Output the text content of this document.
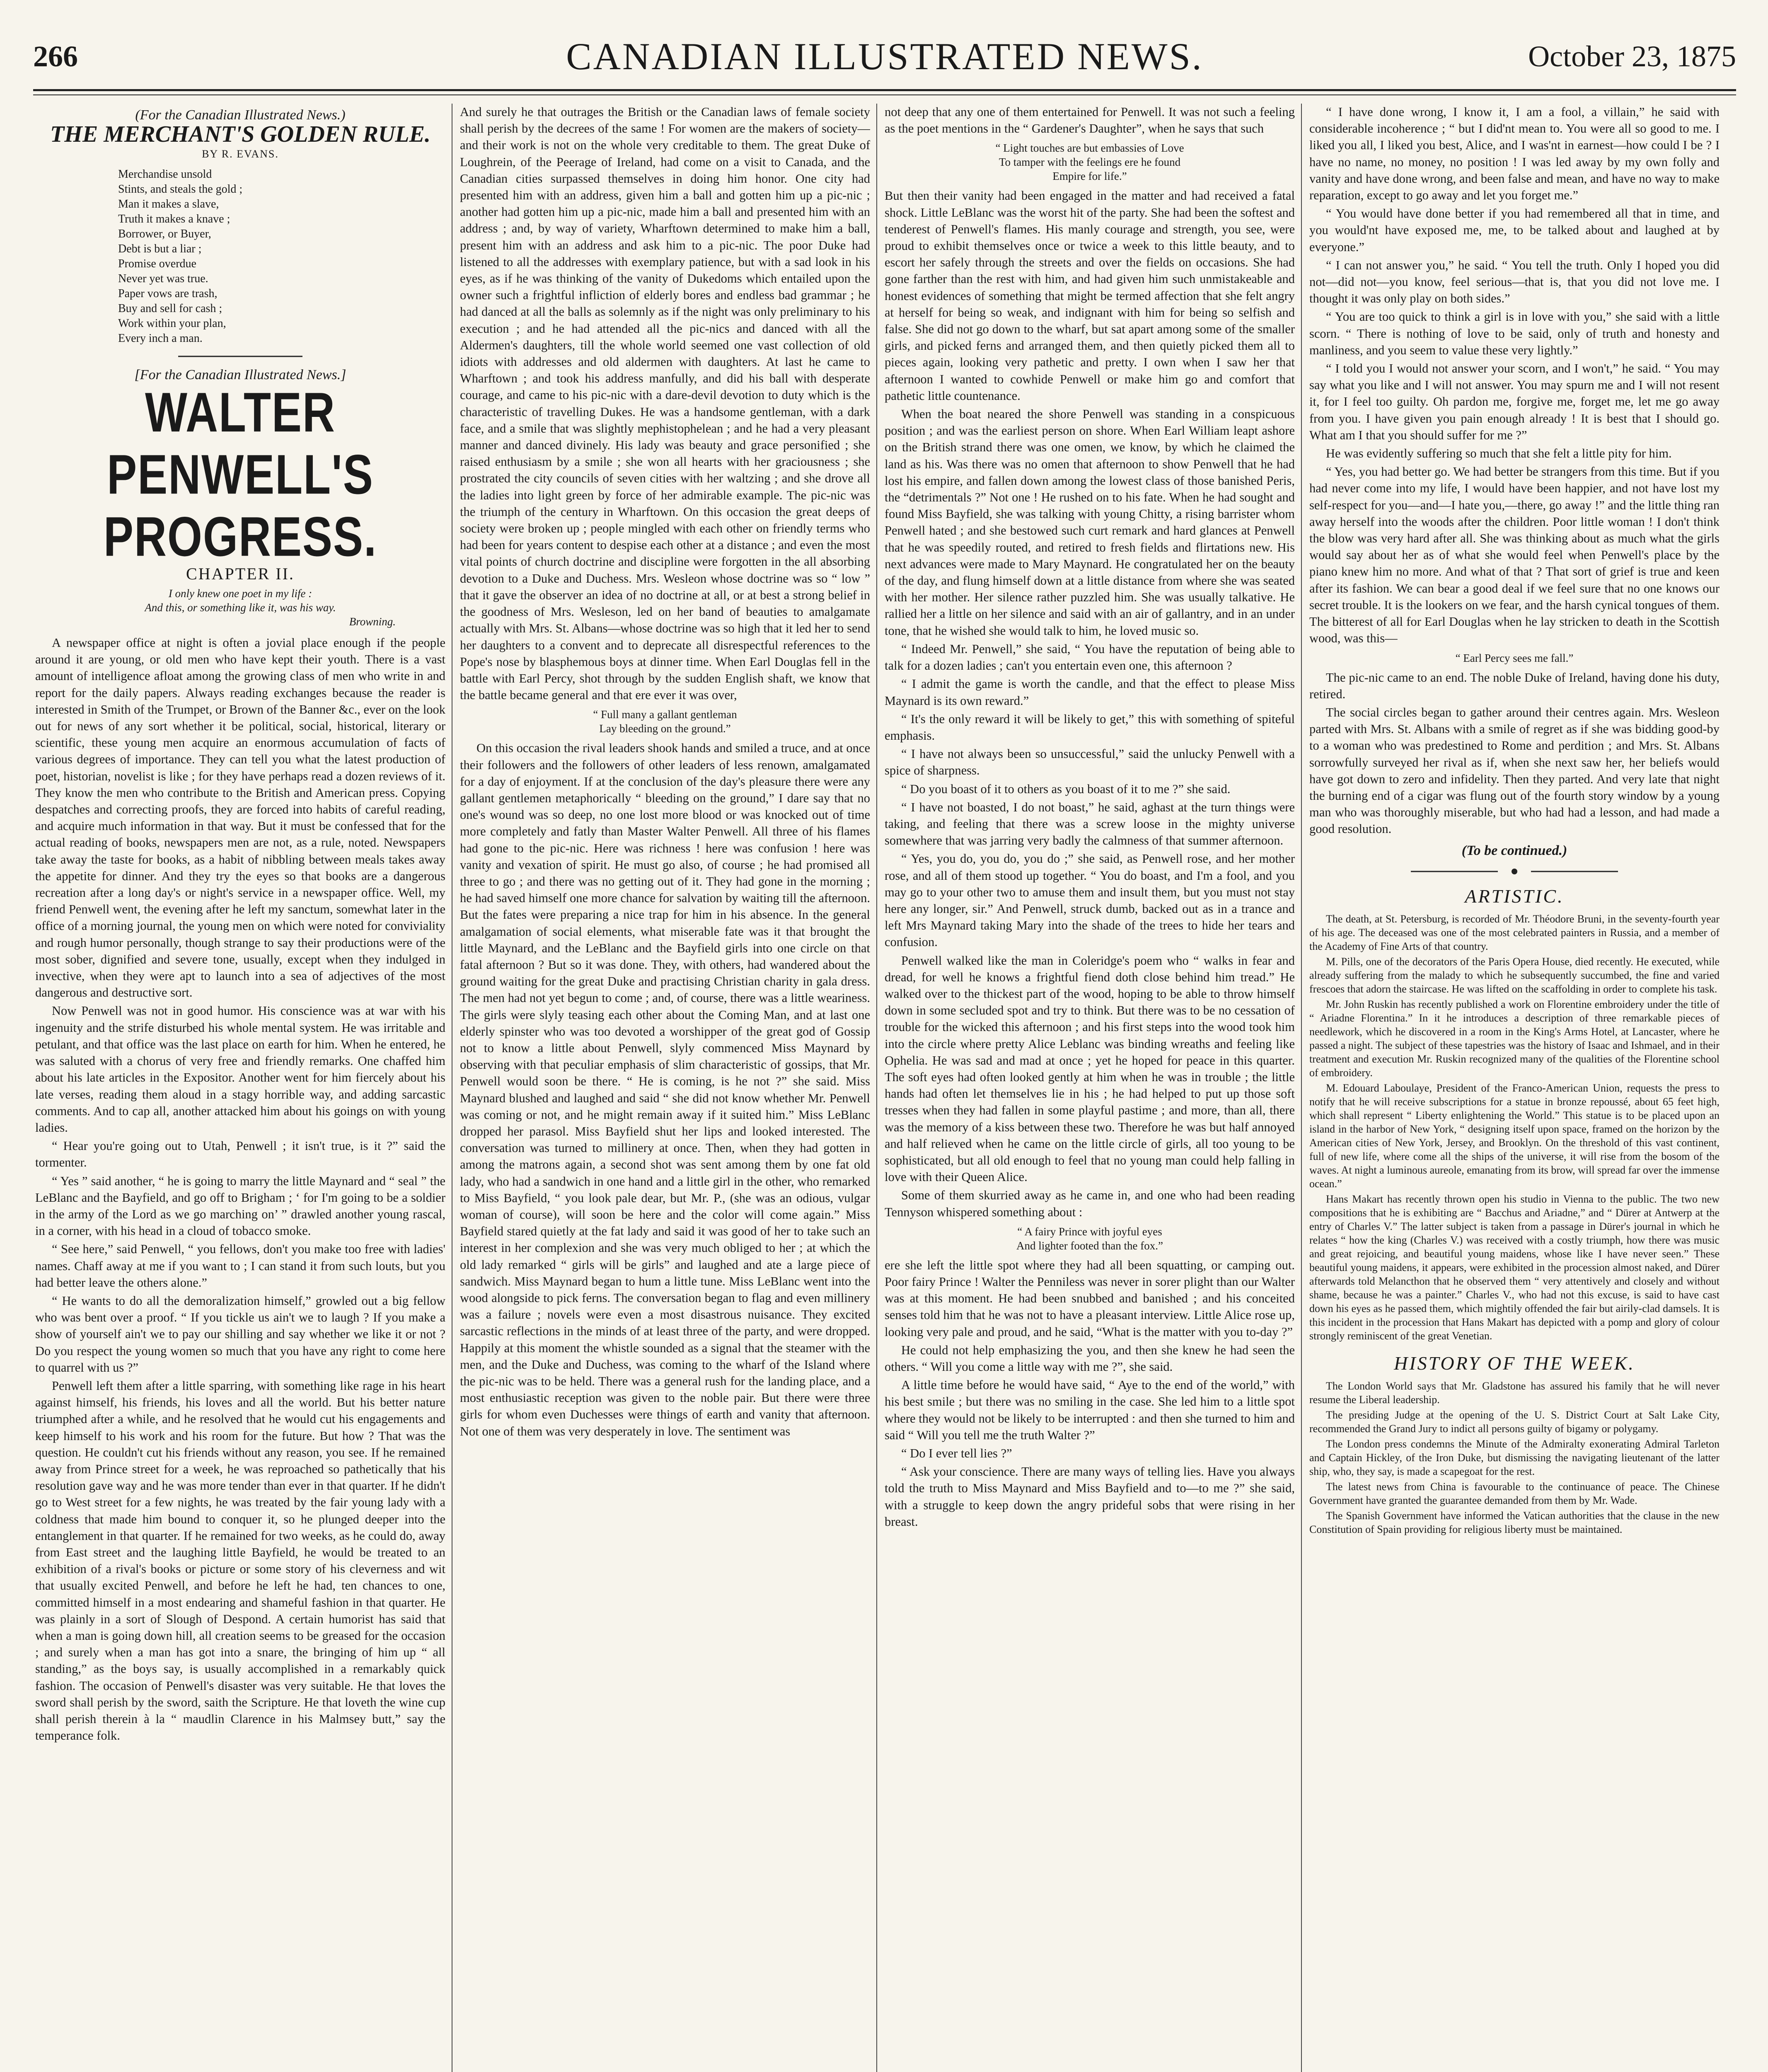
266	CANADIAN ILLUSTRATED NEWS.	October 23, 1875
(For the Canadian Illustrated News.)
THE MERCHANT'S GOLDEN RULE.
BY R. EVANS.
Merchandise unsold
Stints, and steals the gold ;
Man it makes a slave,
Truth it makes a knave ;
Borrower, or Buyer,
Debt is but a liar ;
Promise overdue
Never yet was true.
Paper vows are trash,
Buy and sell for cash ;
Work within your plan,
Every inch a man.
[For the Canadian Illustrated News.]
WALTER PENWELL'S PROGRESS.
CHAPTER II.
I only knew one poet in my life :
And this, or something like it, was his way.
Browning.

A newspaper office at night is often a jovial place enough if the people around it are young, or old men who have kept their youth. There is a vast amount of intelligence afloat among the growing class of men who write in and report for the daily papers. Always reading exchanges because the reader is interested in Smith of the Trumpet, or Brown of the Banner &c., ever on the look out for news of any sort whether it be political, social, historical, literary or scientific, these young men acquire an enormous accumulation of facts of various degrees of importance. They can tell you what the latest production of poet, historian, novelist is like ; for they have perhaps read a dozen reviews of it. They know the men who contribute to the British and American press. Copying despatches and correcting proofs, they are forced into habits of careful reading, and acquire much information in that way. But it must be confessed that for the actual reading of books, newspapers men are not, as a rule, noted. Newspapers take away the taste for books, as a habit of nibbling between meals takes away the appetite for dinner. And they try the eyes so that books are a dangerous recreation after a long day's or night's service in a newspaper office. Well, my friend Penwell went, the evening after he left my sanctum, somewhat later in the office of a morning journal, the young men on which were noted for conviviality and rough humor personally, though strange to say their productions were of the most sober, dignified and severe tone, usually, except when they indulged in invective, when they were apt to launch into a sea of adjectives of the most dangerous and destructive sort.

Now Penwell was not in good humor. His conscience was at war with his ingenuity and the strife disturbed his whole mental system. He was irritable and petulant, and that office was the last place on earth for him. When he entered, he was saluted with a chorus of very free and friendly remarks. One chaffed him about his late articles in the Expositor. Another went for him fiercely about his late verses, reading them aloud in a stagy horrible way, and adding sarcastic comments. And to cap all, another attacked him about his goings on with young ladies.

“ Hear you're going out to Utah, Penwell ; it isn't true, is it ?” said the tormenter.

“ Yes ” said another, “ he is going to marry the little Maynard and “ seal ” the LeBlanc and the Bayfield, and go off to Brigham ; ‘ for I'm going to be a soldier in the army of the Lord as we go marching on’ ” drawled another young rascal, in a corner, with his head in a cloud of tobacco smoke.

“ See here,” said Penwell, “ you fellows, don't you make too free with ladies' names. Chaff away at me if you want to ; I can stand it from such louts, but you had better leave the others alone.”

“ He wants to do all the demoralization himself,” growled out a big fellow who was bent over a proof. “ If you tickle us ain't we to laugh ? If you make a show of yourself ain't we to pay our shilling and say whether we like it or not ? Do you respect the young women so much that you have any right to come here to quarrel with us ?”

Penwell left them after a little sparring, with something like rage in his heart against himself, his friends, his loves and all the world. But his better nature triumphed after a while, and he resolved that he would cut his engagements and keep himself to his work and his room for the future. But how ? That was the question. He couldn't cut his friends without any reason, you see. If he remained away from Prince street for a week, he was reproached so pathetically that his resolution gave way and he was more tender than ever in that quarter. If he didn't go to West street for a few nights, he was treated by the fair young lady with a coldness that made him bound to conquer it, so he plunged deeper into the entanglement in that quarter. If he remained for two weeks, as he could do, away from East street and the laughing little Bayfield, he would be treated to an exhibition of a rival's books or picture or some story of his cleverness and wit that usually excited Penwell, and before he left he had, ten chances to one, committed himself in a most endearing and shameful fashion in that quarter. He was plainly in a sort of Slough of Despond. A certain humorist has said that when a man is going down hill, all creation seems to be greased for the occasion ; and surely when a man has got into a snare, the bringing of him up “ all standing,” as the boys say, is usually accomplished in a remarkably quick fashion. The occasion of Penwell's disaster was very suitable. He that loves the sword shall perish by the sword, saith the Scripture. He that loveth the wine cup shall perish therein à la “ maudlin Clarence in his Malmsey butt,” say the temperance folk.

And surely he that outrages the British or the Canadian laws of female society shall perish by the decrees of the same ! For women are the makers of society—and their work is not on the whole very creditable to them. The great Duke of Loughrein, of the Peerage of Ireland, had come on a visit to Canada, and the Canadian cities surpassed themselves in doing him honor. One city had presented him with an address, given him a ball and gotten him up a pic-nic ; another had gotten him up a pic-nic, made him a ball and presented him with an address ; and, by way of variety, Wharftown determined to make him a ball, present him with an address and ask him to a pic-nic. The poor Duke had listened to all the addresses with exemplary patience, but with a sad look in his eyes, as if he was thinking of the vanity of Dukedoms which entailed upon the owner such a frightful infliction of elderly bores and endless bad grammar ; he had danced at all the balls as solemnly as if the night was only preliminary to his execution ; and he had attended all the pic-nics and danced with all the Aldermen's daughters, till the whole world seemed one vast collection of old idiots with addresses and old aldermen with daughters. At last he came to Wharftown ; and took his address manfully, and did his ball with desperate courage, and came to his pic-nic with a dare-devil devotion to duty which is the characteristic of travelling Dukes. He was a handsome gentleman, with a dark face, and a smile that was slightly mephistophelean ; and he had a very pleasant manner and danced divinely. His lady was beauty and grace personified ; she raised enthusiasm by a smile ; she won all hearts with her graciousness ; she prostrated the city councils of seven cities with her waltzing ; and she drove all the ladies into light green by force of her admirable example. The pic-nic was the triumph of the century in Wharftown. On this occasion the great deeps of society were broken up ; people mingled with each other on friendly terms who had been for years content to despise each other at a distance ; and even the most vital points of church doctrine and discipline were forgotten in the all absorbing devotion to a Duke and Duchess. Mrs. Wesleon whose doctrine was so “ low ” that it gave the observer an idea of no doctrine at all, or at best a strong belief in the goodness of Mrs. Wesleson, led on her band of beauties to amalgamate actually with Mrs. St. Albans—whose doctrine was so high that it led her to send her daughters to a convent and to deprecate all disrespectful references to the Pope's nose by blasphemous boys at dinner time. When Earl Douglas fell in the battle with Earl Percy, shot through by the sudden English shaft, we know that the battle became general and that ere ever it was over,

“ Full many a gallant gentleman
Lay bleeding on the ground.”

On this occasion the rival leaders shook hands and smiled a truce, and at once their followers and the followers of other leaders of less renown, amalgamated for a day of enjoyment. If at the conclusion of the day's pleasure there were any gallant gentlemen metaphorically “ bleeding on the ground,” I dare say that no one's wound was so deep, no one lost more blood or was knocked out of time more completely and fatly than Master Walter Penwell. All three of his flames had gone to the pic-nic. Here was richness ! here was confusion ! here was vanity and vexation of spirit. He must go also, of course ; he had promised all three to go ; and there was no getting out of it. They had gone in the morning ; he had saved himself one more chance for salvation by waiting till the afternoon. But the fates were preparing a nice trap for him in his absence. In the general amalgamation of social elements, what miserable fate was it that brought the little Maynard, and the LeBlanc and the Bayfield girls into one circle on that fatal afternoon ? But so it was done. They, with others, had wandered about the ground waiting for the great Duke and practising Christian charity in gala dress. The men had not yet begun to come ; and, of course, there was a little weariness. The girls were slyly teasing each other about the Coming Man, and at last one elderly spinster who was too devoted a worshipper of the great god of Gossip not to know a little about Penwell, slyly commenced Miss Maynard by observing with that peculiar emphasis of slim characteristic of gossips, that Mr. Penwell would soon be there. “ He is coming, is he not ?” she said. Miss Maynard blushed and laughed and said “ she did not know whether Mr. Penwell was coming or not, and he might remain away if it suited him.” Miss LeBlanc dropped her parasol. Miss Bayfield shut her lips and looked interested. The conversation was turned to millinery at once. Then, when they had gotten in among the matrons again, a second shot was sent among them by one fat old lady, who had a sandwich in one hand and a little girl in the other, who remarked to Miss Bayfield, “ you look pale dear, but Mr. P., (she was an odious, vulgar woman of course), will soon be here and the color will come again.” Miss Bayfield stared quietly at the fat lady and said it was good of her to take such an interest in her complexion and she was very much obliged to her ; at which the old lady remarked “ girls will be girls” and laughed and ate a large piece of sandwich. Miss Maynard began to hum a little tune. Miss LeBlanc went into the wood alongside to pick ferns. The conversation began to flag and even millinery was a failure ; novels were even a most disastrous nuisance. They excited sarcastic reflections in the minds of at least three of the party, and were dropped. Happily at this moment the whistle sounded as a signal that the steamer with the men, and the Duke and Duchess, was coming to the wharf of the Island where the pic-nic was to be held. There was a general rush for the landing place, and a most enthusiastic reception was given to the noble pair. But there were three girls for whom even Duchesses were things of earth and vanity that afternoon. Not one of them was very desperately in love. The sentiment was

not deep that any one of them entertained for Penwell. It was not such a feeling as the poet mentions in the “ Gardener's Daughter”, when he says that such

“ Light touches are but embassies of Love
To tamper with the feelings ere he found
Empire for life.”

But then their vanity had been engaged in the matter and had received a fatal shock. Little LeBlanc was the worst hit of the party. She had been the softest and tenderest of Penwell's flames. His manly courage and strength, you see, were proud to exhibit themselves once or twice a week to this little beauty, and to escort her safely through the streets and over the fields on occasions. She had gone farther than the rest with him, and had given him such unmistakeable and honest evidences of something that might be termed affection that she felt angry at herself for being so weak, and indignant with him for being so selfish and false. She did not go down to the wharf, but sat apart among some of the smaller girls, and picked ferns and arranged them, and then quietly picked them all to pieces again, looking very pathetic and pretty. I own when I saw her that afternoon I wanted to cowhide Penwell or make him go and comfort that pathetic little countenance.

When the boat neared the shore Penwell was standing in a conspicuous position ; and was the earliest person on shore. When Earl William leapt ashore on the British strand there was one omen, we know, by which he claimed the land as his. Was there was no omen that afternoon to show Penwell that he had lost his empire, and fallen down among the lowest class of those banished Peris, the “detrimentals ?” Not one ! He rushed on to his fate. When he had sought and found Miss Bayfield, she was talking with young Chitty, a rising barrister whom Penwell hated ; and she bestowed such curt remark and hard glances at Penwell that he was speedily routed, and retired to fresh fields and flirtations new. His next advances were made to Mary Maynard. He congratulated her on the beauty of the day, and flung himself down at a little distance from where she was seated with her mother. Her silence rather puzzled him. She was usually talkative. He rallied her a little on her silence and said with an air of gallantry, and in an under tone, that he wished she would talk to him, he loved music so.

“ Indeed Mr. Penwell,” she said, “ You have the reputation of being able to talk for a dozen ladies ; can't you entertain even one, this afternoon ?

“ I admit the game is worth the candle, and that the effect to please Miss Maynard is its own reward.”

“ It's the only reward it will be likely to get,” this with something of spiteful emphasis.

“ I have not always been so unsuccessful,” said the unlucky Penwell with a spice of sharpness.

“ Do you boast of it to others as you boast of it to me ?” she said.

“ I have not boasted, I do not boast,” he said, aghast at the turn things were taking, and feeling that there was a screw loose in the mighty universe somewhere that was jarring very badly the calmness of that summer afternoon.

“ Yes, you do, you do, you do ;” she said, as Penwell rose, and her mother rose, and all of them stood up together. “ You do boast, and I'm a fool, and you may go to your other two to amuse them and insult them, but you must not stay here any longer, sir.” And Penwell, struck dumb, backed out as in a trance and left Mrs Maynard taking Mary into the shade of the trees to hide her tears and confusion.

Penwell walked like the man in Coleridge's poem who “ walks in fear and dread, for well he knows a frightful fiend doth close behind him tread.” He walked over to the thickest part of the wood, hoping to be able to throw himself down in some secluded spot and try to think. But there was to be no cessation of trouble for the wicked this afternoon ; and his first steps into the wood took him into the circle where pretty Alice Leblanc was binding wreaths and feeling like Ophelia. He was sad and mad at once ; yet he hoped for peace in this quarter. The soft eyes had often looked gently at him when he was in trouble ; the little hands had often let themselves lie in his ; he had helped to put up those soft tresses when they had fallen in some playful pastime ; and more, than all, there was the memory of a kiss between these two. Therefore he was but half annoyed and half relieved when he came on the little circle of girls, all too young to be sophisticated, but all old enough to feel that no young man could help falling in love with their Queen Alice.

Some of them skurried away as he came in, and one who had been reading Tennyson whispered something about :

“ A fairy Prince with joyful eyes
And lighter footed than the fox.”

ere she left the little spot where they had all been squatting, or camping out. Poor fairy Prince ! Walter the Penniless was never in sorer plight than our Walter was at this moment. He had been snubbed and banished ; and his conceited senses told him that he was not to have a pleasant interview. Little Alice rose up, looking very pale and proud, and he said, “What is the matter with you to-day ?”

He could not help emphasizing the you, and then she knew he had seen the others. “ Will you come a little way with me ?”, she said.

A little time before he would have said, “ Aye to the end of the world,” with his best smile ; but there was no smiling in the case. She led him to a little spot where they would not be likely to be interrupted : and then she turned to him and said “ Will you tell me the truth Walter ?”

“ Do I ever tell lies ?”

“ Ask your conscience. There are many ways of telling lies. Have you always told the truth to Miss Maynard and Miss Bayfield and to—to me ?” she said, with a struggle to keep down the angry prideful sobs that were rising in her breast.

“ I have done wrong, I know it, I am a fool, a villain,” he said with considerable incoherence ; “ but I did'nt mean to. You were all so good to me. I liked you all, I liked you best, Alice, and I was'nt in earnest—how could I be ? I have no name, no money, no position ! I was led away by my own folly and vanity and have done wrong, and been false and mean, and have no way to make reparation, except to go away and let you forget me.”

“ You would have done better if you had remembered all that in time, and you would'nt have exposed me, me, to be talked about and laughed at by everyone.”

“ I can not answer you,” he said. “ You tell the truth. Only I hoped you did not—did not—you know, feel serious—that is, that you did not love me. I thought it was only play on both sides.”

“ You are too quick to think a girl is in love with you,” she said with a little scorn. “ There is nothing of love to be said, only of truth and honesty and manliness, and you seem to value these very lightly.”

“ I told you I would not answer your scorn, and I won't,” he said. “ You may say what you like and I will not answer. You may spurn me and I will not resent it, for I feel too guilty. Oh pardon me, forgive me, forget me, let me go away from you. I have given you pain enough already ! It is best that I should go. What am I that you should suffer for me ?”

He was evidently suffering so much that she felt a little pity for him.

“ Yes, you had better go. We had better be strangers from this time. But if you had never come into my life, I would have been happier, and not have lost my self-respect for you—and—I hate you,—there, go away !” and the little thing ran away herself into the woods after the children. Poor little woman ! I don't think the blow was very hard after all. She was thinking about as much what the girls would say about her as of what she would feel when Penwell's place by the piano knew him no more. And what of that ? That sort of grief is true and keen after its fashion. We can bear a good deal if we feel sure that no one knows our secret trouble. It is the lookers on we fear, and the harsh cynical tongues of them. The bitterest of all for Earl Douglas when he lay stricken to death in the Scottish wood, was this—

“ Earl Percy sees me fall.”

The pic-nic came to an end. The noble Duke of Ireland, having done his duty, retired.

The social circles began to gather around their centres again. Mrs. Wesleon parted with Mrs. St. Albans with a smile of regret as if she was bidding good-by to a woman who was predestined to Rome and perdition ; and Mrs. St. Albans sorrowfully surveyed her rival as if, when she next saw her, her beliefs would have got down to zero and infidelity. Then they parted. And very late that night the burning end of a cigar was flung out of the fourth story window by a young man who was thoroughly miserable, but who had had a lesson, and had made a good resolution.

(To be continued.)
ARTISTIC.

The death, at St. Petersburg, is recorded of Mr. Théodore Bruni, in the seventy-fourth year of his age. The deceased was one of the most celebrated painters in Russia, and a member of the Academy of Fine Arts of that country.

M. Pills, one of the decorators of the Paris Opera House, died recently. He executed, while already suffering from the malady to which he subsequently succumbed, the fine and varied frescoes that adorn the staircase. He was lifted on the scaffolding in order to complete his task.

Mr. John Ruskin has recently published a work on Florentine embroidery under the title of “ Ariadne Florentina.” In it he introduces a description of three remarkable pieces of needlework, which he discovered in a room in the King's Arms Hotel, at Lancaster, where he passed a night. The subject of these tapestries was the history of Isaac and Ishmael, and in their treatment and execution Mr. Ruskin recognized many of the qualities of the Florentine school of embroidery.

M. Edouard Laboulaye, President of the Franco-American Union, requests the press to notify that he will receive subscriptions for a statue in bronze repoussé, about 65 feet high, which shall represent “ Liberty enlightening the World.” This statue is to be placed upon an island in the harbor of New York, “ designing itself upon space, framed on the horizon by the American cities of New York, Jersey, and Brooklyn. On the threshold of this vast continent, full of new life, where come all the ships of the universe, it will rise from the bosom of the waves. At night a luminous aureole, emanating from its brow, will spread far over the immense ocean.”

Hans Makart has recently thrown open his studio in Vienna to the public. The two new compositions that he is exhibiting are “ Bacchus and Ariadne,” and “ Dürer at Antwerp at the entry of Charles V.” The latter subject is taken from a passage in Dürer's journal in which he relates “ how the king (Charles V.) was received with a costly triumph, how there was music and great rejoicing, and beautiful young maidens, whose like I have never seen.” These beautiful young maidens, it appears, were exhibited in the procession almost naked, and Dürer afterwards told Melancthon that he observed them “ very attentively and closely and without shame, because he was a painter.” Charles V., who had not this excuse, is said to have cast down his eyes as he passed them, which mightily offended the fair but airily-clad damsels. It is this incident in the procession that Hans Makart has depicted with a pomp and glory of colour strongly reminiscent of the great Venetian.

HISTORY OF THE WEEK.

The London World says that Mr. Gladstone has assured his family that he will never resume the Liberal leadership.

The presiding Judge at the opening of the U. S. District Court at Salt Lake City, recommended the Grand Jury to indict all persons guilty of bigamy or polygamy.

The London press condemns the Minute of the Admiralty exonerating Admiral Tarleton and Captain Hickley, of the Iron Duke, but dismissing the navigating lieutenant of the latter ship, who, they say, is made a scapegoat for the rest.

The latest news from China is favourable to the continuance of peace. The Chinese Government have granted the guarantee demanded from them by Mr. Wade.

The Spanish Government have informed the Vatican authorities that the clause in the new Constitution of Spain providing for religious liberty must be maintained.
